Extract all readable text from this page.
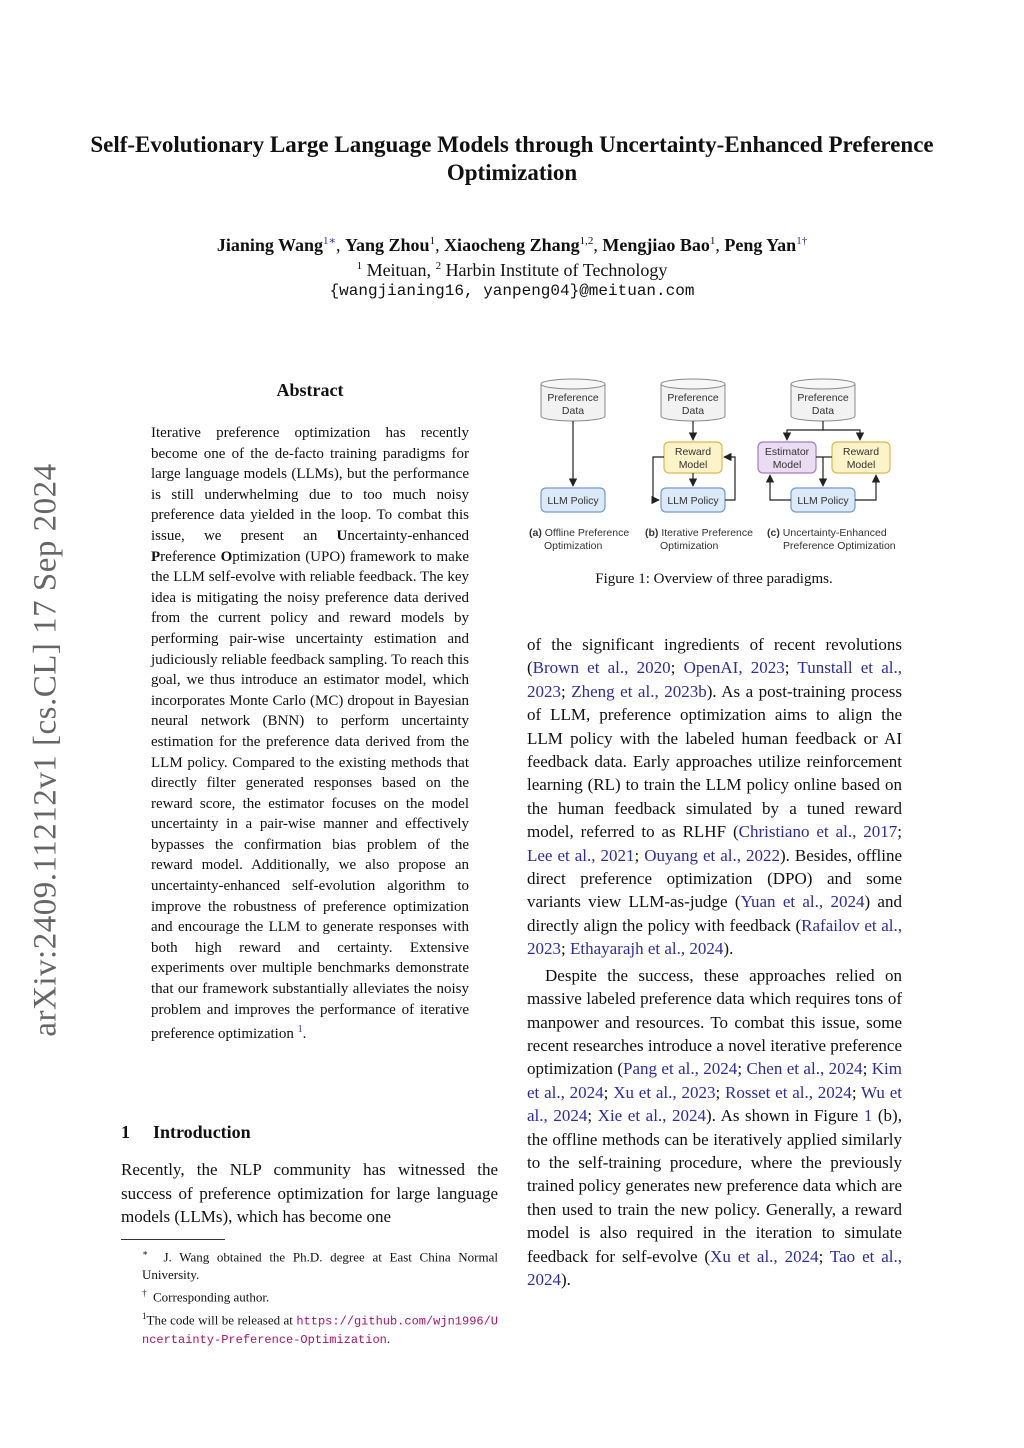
Self-Evolutionary Large Language Models through Uncertainty-Enhanced Preference Optimization
Jianing Wang$^{1∗}$, Yang Zhou$^1$, Xiaocheng Zhang$^{1,2}$, Mengjiao Bao$^1$, Peng Yan$^{1\dagger}$
$^1$ Meituan, $^2$ Harbin Institute of Technology
{wangjianing16, yanpeng04}@meituan.com
arXiv:2409.11212v1 [cs.CL] 17 Sep 2024
Abstract
Iterative preference optimization has recently become one of the de-facto training paradigms for large language models (LLMs), but the performance is still underwhelming due to too much noisy preference data yielded in the loop. To combat this issue, we present an Uncertainty-enhanced Preference Optimization (UPO) framework to make the LLM self-evolve with reliable feedback. The key idea is mitigating the noisy preference data derived from the current policy and reward models by performing pair-wise uncertainty estimation and judiciously reliable feedback sampling. To reach this goal, we thus introduce an estimator model, which incorporates Monte Carlo (MC) dropout in Bayesian neural network (BNN) to perform uncertainty estimation for the preference data derived from the LLM policy. Compared to the existing methods that directly filter generated responses based on the reward score, the estimator focuses on the model uncertainty in a pair-wise manner and effectively bypasses the confirmation bias problem of the reward model. Additionally, we also propose an uncertainty-enhanced self-evolution algorithm to improve the robustness of preference optimization and encourage the LLM to generate responses with both high reward and certainty. Extensive experiments over multiple benchmarks demonstrate that our framework substantially alleviates the noisy problem and improves the performance of iterative preference optimization $^1$.
1 Introduction
Recently, the NLP community has witnessed the success of preference optimization for large language models (LLMs), which has become one

∗ J. Wang obtained the Ph.D. degree at East China Normal University.

† Corresponding author.

$^1$The code will be released at https://github.com/wjn1996/Uncertainty-Preference-Optimization.

Preference
Data
LLM Policy
(a) Offline Preference
Optimization
Preference
Data
Reward
Model
LLM Policy
(b) Iterative Preference
Optimization
Preference
Data
Estimator
Model
Reward
Model
LLM Policy
(c) Uncertainty-Enhanced
Preference Optimization
Figure 1: Overview of three paradigms.

of the significant ingredients of recent revolutions (Brown et al., 2020; OpenAI, 2023; Tunstall et al., 2023; Zheng et al., 2023b). As a post-training process of LLM, preference optimization aims to align the LLM policy with the labeled human feedback or AI feedback data. Early approaches utilize reinforcement learning (RL) to train the LLM policy online based on the human feedback simulated by a tuned reward model, referred to as RLHF (Christiano et al., 2017; Lee et al., 2021; Ouyang et al., 2022). Besides, offline direct preference optimization (DPO) and some variants view LLM-as-judge (Yuan et al., 2024) and directly align the policy with feedback (Rafailov et al., 2023; Ethayarajh et al., 2024).

Despite the success, these approaches relied on massive labeled preference data which requires tons of manpower and resources. To combat this issue, some recent researches introduce a novel iterative preference optimization (Pang et al., 2024; Chen et al., 2024; Kim et al., 2024; Xu et al., 2023; Rosset et al., 2024; Wu et al., 2024; Xie et al., 2024). As shown in Figure 1 (b), the offline methods can be iteratively applied similarly to the self-training procedure, where the previously trained policy generates new preference data which are then used to train the new policy. Generally, a reward model is also required in the iteration to simulate feedback for self-evolve (Xu et al., 2024; Tao et al., 2024).
